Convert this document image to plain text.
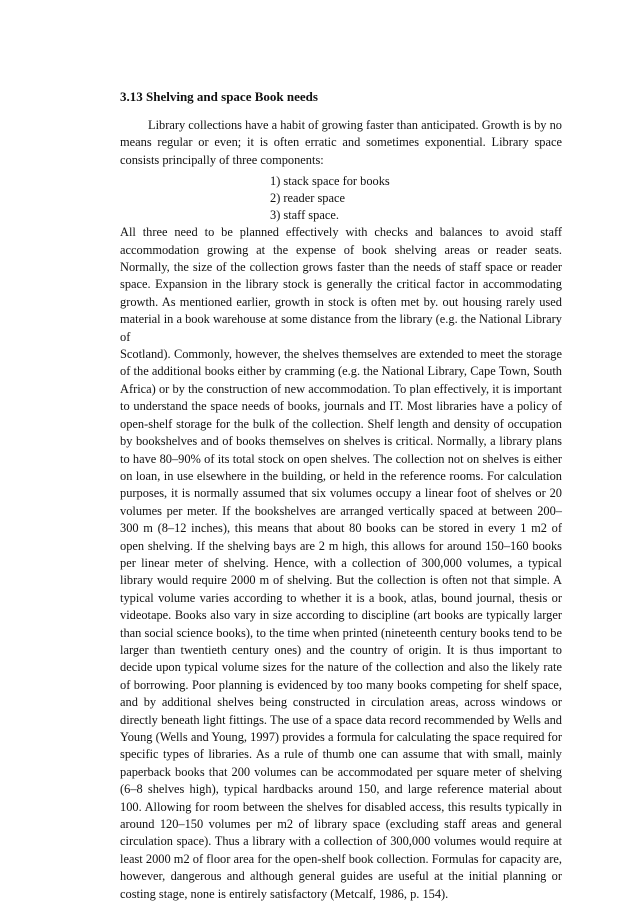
3.13 Shelving and space Book needs

Library collections have a habit of growing faster than anticipated. Growth is by no means regular or even; it is often erratic and sometimes exponential. Library space consists principally of three components:

1) stack space for books
2) reader space
3) staff space.

All three need to be planned effectively with checks and balances to avoid staff accommodation growing at the expense of book shelving areas or reader seats. Normally, the size of the collection grows faster than the needs of staff space or reader space. Expansion in the library stock is generally the critical factor in accommodating growth. As mentioned earlier, growth in stock is often met by. out housing rarely used material in a book warehouse at some distance from the library (e.g. the National Library of

Scotland). Commonly, however, the shelves themselves are extended to meet the storage of the additional books either by cramming (e.g. the National Library, Cape Town, South Africa) or by the construction of new accommodation. To plan effectively, it is important to understand the space needs of books, journals and IT. Most libraries have a policy of open-shelf storage for the bulk of the collection. Shelf length and density of occupation by bookshelves and of books themselves on shelves is critical. Normally, a library plans to have 80–90% of its total stock on open shelves. The collection not on shelves is either on loan, in use elsewhere in the building, or held in the reference rooms. For calculation purposes, it is normally assumed that six volumes occupy a linear foot of shelves or 20 volumes per meter. If the bookshelves are arranged vertically spaced at between 200–300 m (8–12 inches), this means that about 80 books can be stored in every 1 m2 of open shelving. If the shelving bays are 2 m high, this allows for around 150–160 books per linear meter of shelving. Hence, with a collection of 300,000 volumes, a typical library would require 2000 m of shelving. But the collection is often not that simple. A typical volume varies according to whether it is a book, atlas, bound journal, thesis or videotape. Books also vary in size according to discipline (art books are typically larger than social science books), to the time when printed (nineteenth century books tend to be larger than twentieth century ones) and the country of origin. It is thus important to decide upon typical volume sizes for the nature of the collection and also the likely rate of borrowing. Poor planning is evidenced by too many books competing for shelf space, and by additional shelves being constructed in circulation areas, across windows or directly beneath light fittings. The use of a space data record recommended by Wells and Young (Wells and Young, 1997) provides a formula for calculating the space required for specific types of libraries. As a rule of thumb one can assume that with small, mainly paperback books that 200 volumes can be accommodated per square meter of shelving (6–8 shelves high), typical hardbacks around 150, and large reference material about 100. Allowing for room between the shelves for disabled access, this results typically in around 120–150 volumes per m2 of library space (excluding staff areas and general circulation space). Thus a library with a collection of 300,000 volumes would require at least 2000 m2 of floor area for the open-shelf book collection. Formulas for capacity are, however, dangerous and although general guides are useful at the initial planning or costing stage, none is entirely satisfactory (Metcalf, 1986, p. 154).
